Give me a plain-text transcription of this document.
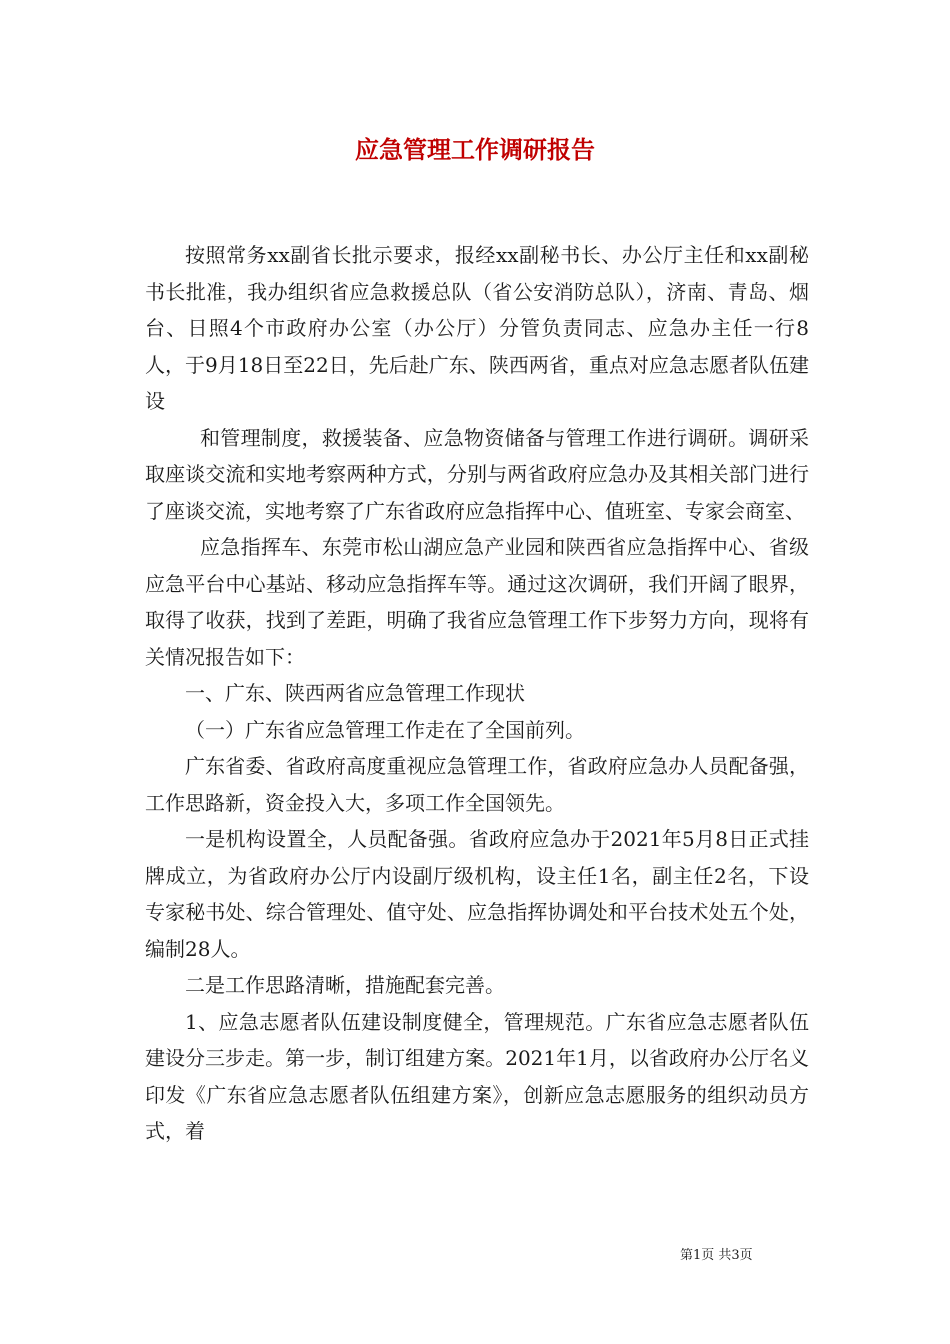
应急管理工作调研报告

按照常务xx副省长批示要求，报经xx副秘书长、办公厅主任和xx副秘书长批准，我办组织省应急救援总队（省公安消防总队），济南、青岛、烟台、日照4个市政府办公室（办公厅）分管负责同志、应急办主任一行8人，于9月18日至22日，先后赴广东、陕西两省，重点对应急志愿者队伍建设

和管理制度，救援装备、应急物资储备与管理工作进行调研。调研采取座谈交流和实地考察两种方式，分别与两省政府应急办及其相关部门进行了座谈交流，实地考察了广东省政府应急指挥中心、值班室、专家会商室、

应急指挥车、东莞市松山湖应急产业园和陕西省应急指挥中心、省级应急平台中心基站、移动应急指挥车等。通过这次调研，我们开阔了眼界，取得了收获，找到了差距，明确了我省应急管理工作下步努力方向，现将有关情况报告如下：

一、广东、陕西两省应急管理工作现状

（一）广东省应急管理工作走在了全国前列。

广东省委、省政府高度重视应急管理工作，省政府应急办人员配备强，工作思路新，资金投入大，多项工作全国领先。

一是机构设置全，人员配备强。省政府应急办于2021年5月8日正式挂牌成立，为省政府办公厅内设副厅级机构，设主任1名，副主任2名，下设专家秘书处、综合管理处、值守处、应急指挥协调处和平台技术处五个处，编制28人。

二是工作思路清晰，措施配套完善。

1、应急志愿者队伍建设制度健全，管理规范。广东省应急志愿者队伍建设分三步走。第一步，制订组建方案。2021年1月，以省政府办公厅名义印发《广东省应急志愿者队伍组建方案》，创新应急志愿服务的组织动员方式，着

第1页 共3页
